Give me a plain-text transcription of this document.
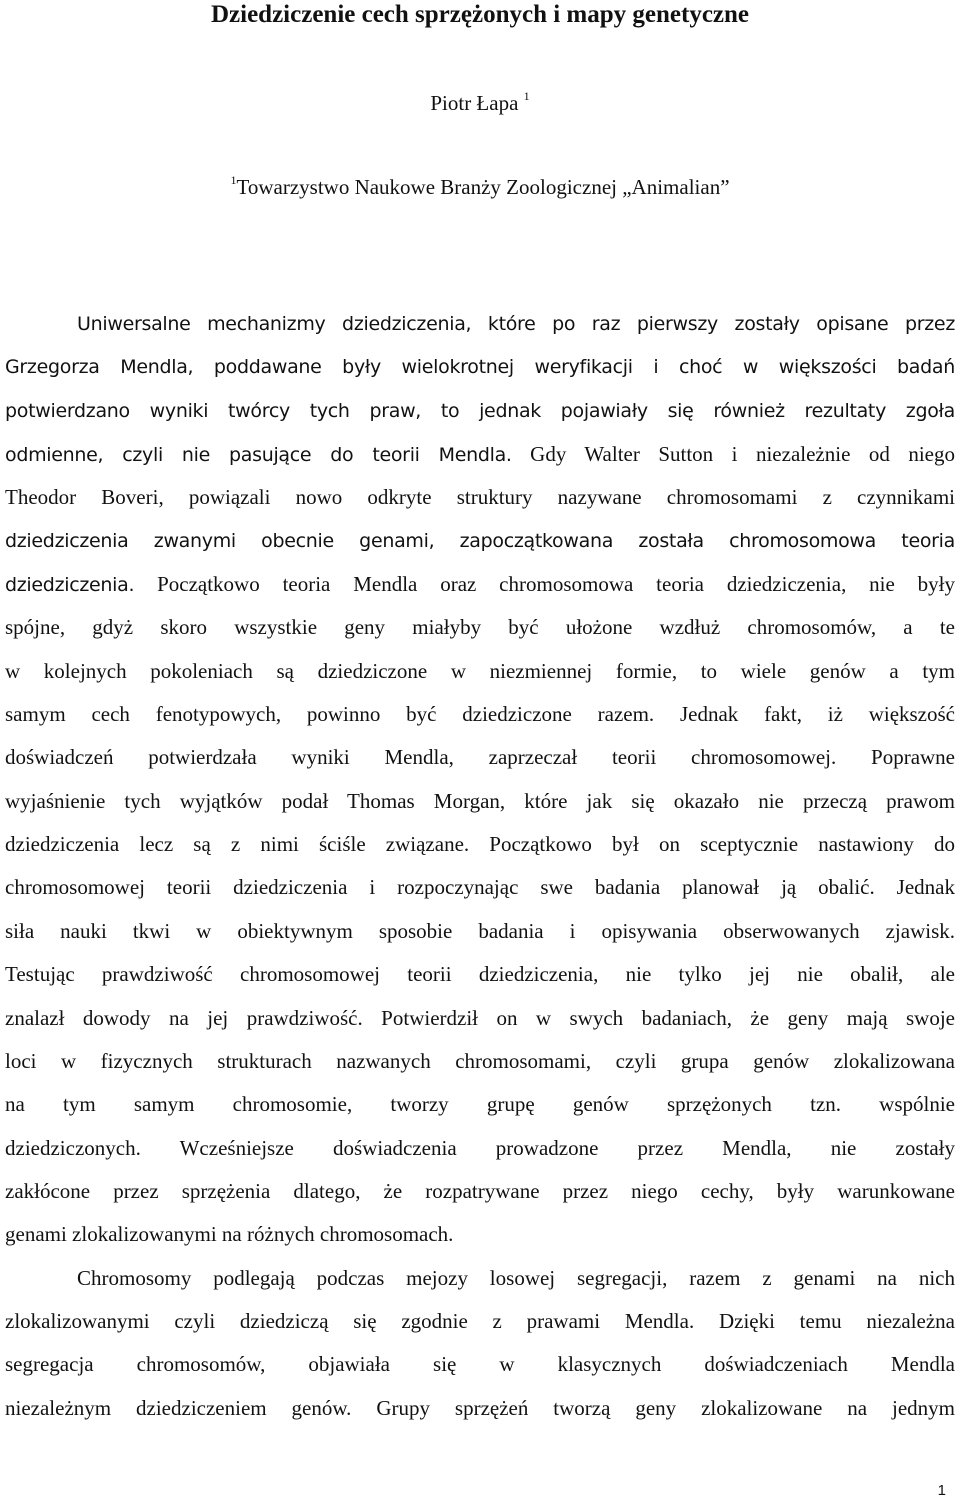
Dziedziczenie cech sprzężonych i mapy genetyczne

Piotr Łapa $^1$

$^1$Towarzystwo Naukowe Branży Zoologicznej „Animalian”

Uniwersalne mechanizmy dziedziczenia, które po raz pierwszy zostały opisane przez
Grzegorza Mendla, poddawane były wielokrotnej weryfikacji i choć w większości badań
potwierdzano wyniki twórcy tych praw, to jednak pojawiały się również rezultaty zgoła
odmienne, czyli nie pasujące do teorii Mendla. Gdy Walter Sutton i niezależnie od niego
Theodor Boveri, powiązali nowo odkryte struktury nazywane chromosomami z czynnikami
dziedziczenia zwanymi obecnie genami, zapoczątkowana została chromosomowa teoria
dziedziczenia. Początkowo teoria Mendla oraz chromosomowa teoria dziedziczenia, nie były
spójne, gdyż skoro wszystkie geny miałyby być ułożone wzdłuż chromosomów, a te
w kolejnych pokoleniach są dziedziczone w niezmiennej formie, to wiele genów a tym
samym cech fenotypowych, powinno być dziedziczone razem. Jednak fakt, iż większość
doświadczeń potwierdzała wyniki Mendla, zaprzeczał teorii chromosomowej. Poprawne
wyjaśnienie tych wyjątków podał Thomas Morgan, które jak się okazało nie przeczą prawom
dziedziczenia lecz są z nimi ściśle związane. Początkowo był on sceptycznie nastawiony do
chromosomowej teorii dziedziczenia i rozpoczynając swe badania planował ją obalić. Jednak
siła nauki tkwi w obiektywnym sposobie badania i opisywania obserwowanych zjawisk.
Testując prawdziwość chromosomowej teorii dziedziczenia, nie tylko jej nie obalił, ale
znalazł dowody na jej prawdziwość. Potwierdził on w swych badaniach, że geny mają swoje
loci w fizycznych strukturach nazwanych chromosomami, czyli grupa genów zlokalizowana
na tym samym chromosomie, tworzy grupę genów sprzężonych tzn. wspólnie
dziedziczonych. Wcześniejsze doświadczenia prowadzone przez Mendla, nie zostały
zakłócone przez sprzężenia dlatego, że rozpatrywane przez niego cechy, były warunkowane
genami zlokalizowanymi na różnych chromosomach.
Chromosomy podlegają podczas mejozy losowej segregacji, razem z genami na nich
zlokalizowanymi czyli dziedziczą się zgodnie z prawami Mendla. Dzięki temu niezależna
segregacja chromosomów, objawiała się w klasycznych doświadczeniach Mendla
niezależnym dziedziczeniem genów. Grupy sprzężeń tworzą geny zlokalizowane na jednym
1
